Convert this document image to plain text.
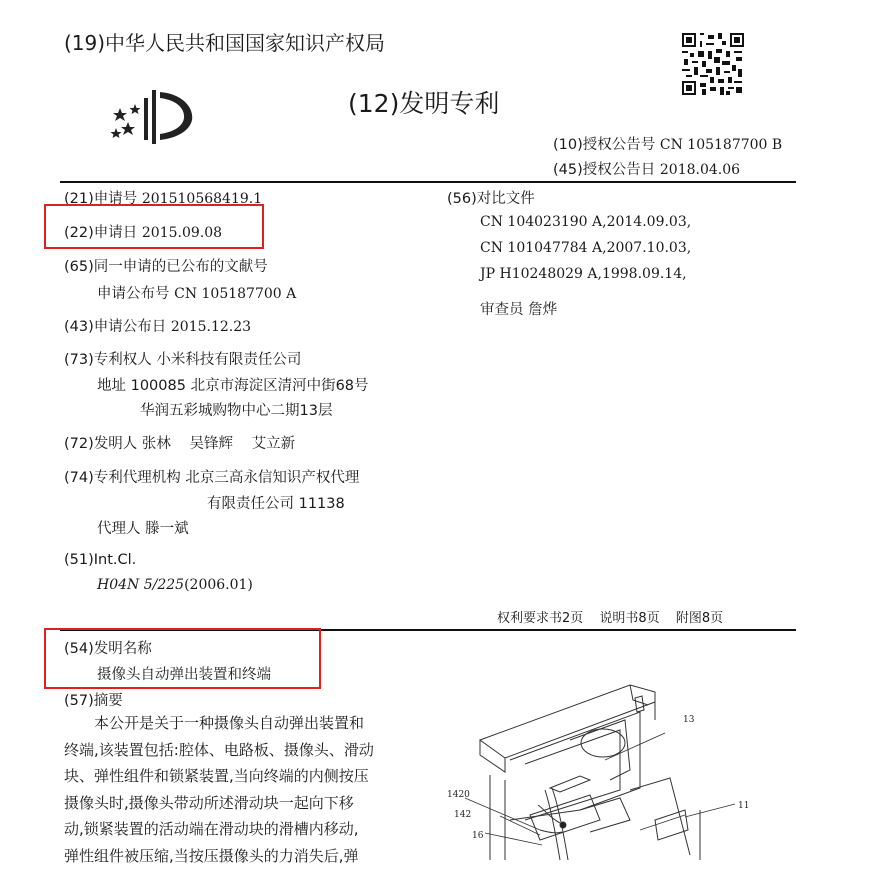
(19)中华人民共和国国家知识产权局
(12)发明专利
(10)授权公告号 CN 105187700 B
(45)授权公告日 2018.04.06
(21)申请号 201510568419.1
(22)申请日 2015.09.08
(65)同一申请的已公布的文献号
申请公布号 CN 105187700 A
(43)申请公布日 2015.12.23
(73)专利权人 小米科技有限责任公司
地址 100085 北京市海淀区清河中街68号
华润五彩城购物中心二期13层
(72)发明人 张林 吴锋辉 艾立新
(74)专利代理机构 北京三高永信知识产权代理
有限责任公司 11138
代理人 滕一斌
(51)Int.Cl.
H04N 5/225(2006.01)
(56)对比文件
CN 104023190 A,2014.09.03,
CN 101047784 A,2007.10.03,
JP H10248029 A,1998.09.14,
审查员 詹烨
权利要求书2页 说明书8页 附图8页
(54)发明名称
摄像头自动弹出装置和终端
(57)摘要

本公开是关于一种摄像头自动弹出装置和

终端,该装置包括:腔体、电路板、摄像头、滑动

块、弹性组件和锁紧装置,当向终端的内侧按压

摄像头时,摄像头带动所述滑动块一起向下移

动,锁紧装置的活动端在滑动块的滑槽内移动,

弹性组件被压缩,当按压摄像头的力消失后,弹

13
11
1420
142
16
